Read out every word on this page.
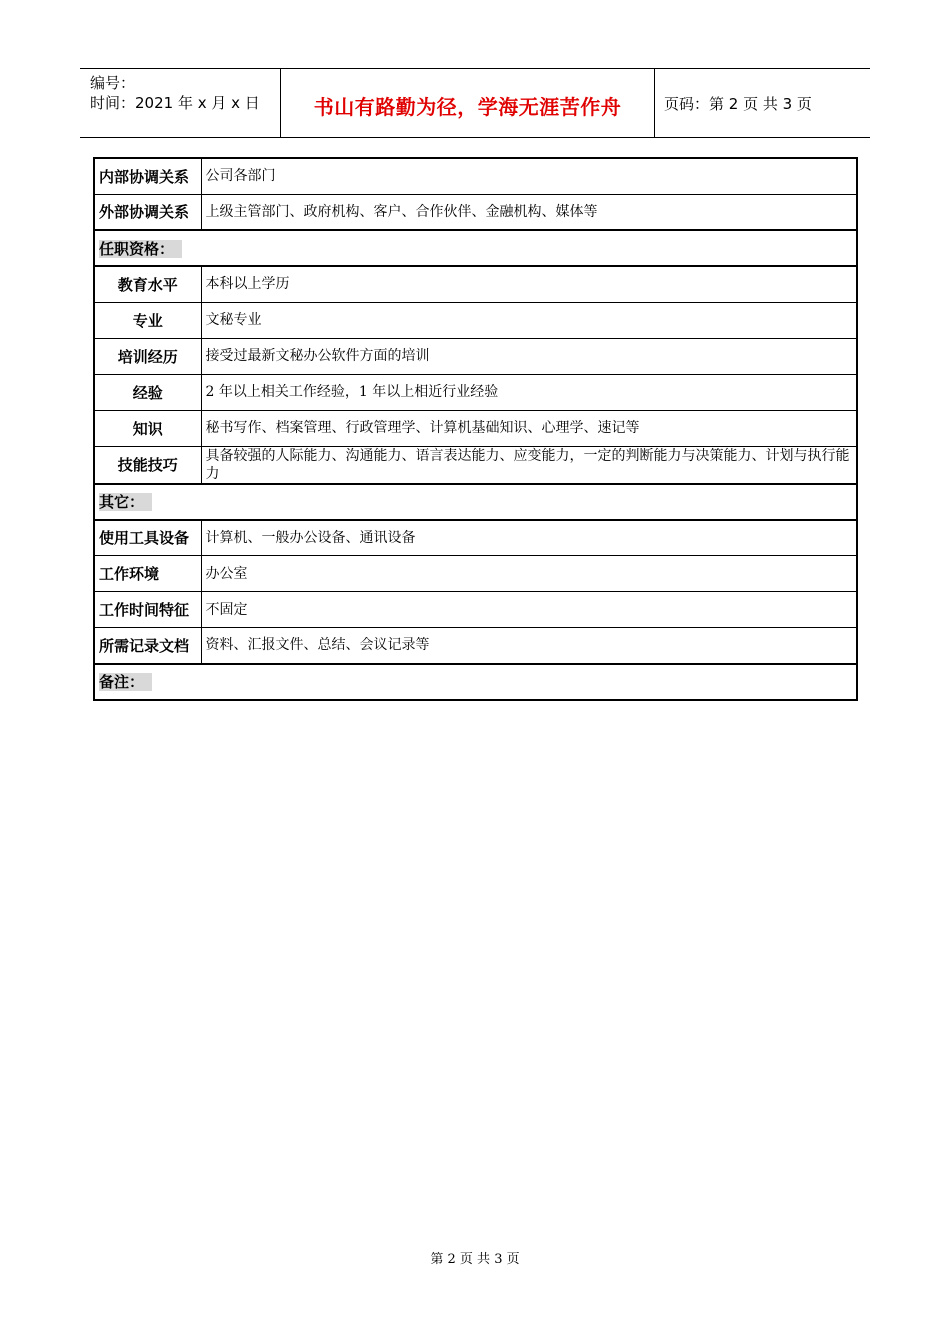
编号：
时间：2021 年 x 月 x 日	书山有路勤为径，学海无涯苦作舟	页码：第 2 页 共 3 页
内部协调关系	公司各部门
外部协调关系	上级主管部门、政府机构、客户、合作伙伴、金融机构、媒体等
任职资格：	
教育水平	本科以上学历
专业	文秘专业
培训经历	接受过最新文秘办公软件方面的培训
经验	2 年以上相关工作经验，1 年以上相近行业经验
知识	秘书写作、档案管理、行政管理学、计算机基础知识、心理学、速记等
技能技巧	具备较强的人际能力、沟通能力、语言表达能力、应变能力，一定的判断能力与决策能力、计划与执行能力
其它：	
使用工具设备	计算机、一般办公设备、通讯设备
工作环境	办公室
工作时间特征	不固定
所需记录文档	资料、汇报文件、总结、会议记录等
备注：	
第 2 页 共 3 页
